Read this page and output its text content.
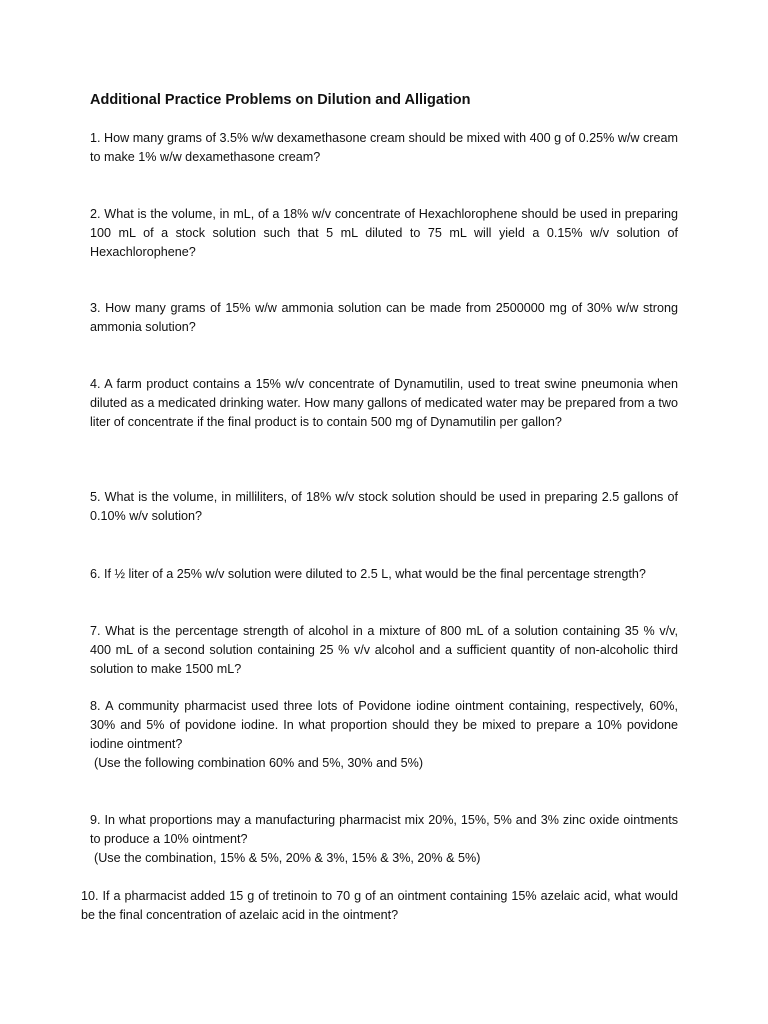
Additional Practice Problems on Dilution and Alligation

1. How many grams of 3.5% w/w dexamethasone cream should be mixed with 400 g of 0.25% w/w cream to make 1% w/w dexamethasone cream?

2. What is the volume, in mL, of a 18% w/v concentrate of Hexachlorophene should be used in preparing 100 mL of a stock solution such that 5 mL diluted to 75 mL will yield a 0.15% w/v solution of Hexachlorophene?

3. How many grams of 15% w/w ammonia solution can be made from 2500000 mg of 30% w/w strong ammonia solution?

4. A farm product contains a 15% w/v concentrate of Dynamutilin, used to treat swine pneumonia when diluted as a medicated drinking water. How many gallons of medicated water may be prepared from a two liter of concentrate if the final product is to contain 500 mg of Dynamutilin per gallon?

5. What is the volume, in milliliters, of 18% w/v stock solution should be used in preparing 2.5 gallons of 0.10% w/v solution?

6. If ½ liter of a 25% w/v solution were diluted to 2.5 L, what would be the final percentage strength?

7. What is the percentage strength of alcohol in a mixture of 800 mL of a solution containing 35 % v/v, 400 mL of a second solution containing 25 % v/v alcohol and a sufficient quantity of non-alcoholic third solution to make 1500 mL?

8. A community pharmacist used three lots of Povidone iodine ointment containing, respectively, 60%, 30% and 5% of povidone iodine. In what proportion should they be mixed to prepare a 10% povidone iodine ointment?
(Use the following combination 60% and 5%, 30% and 5%)
9. In what proportions may a manufacturing pharmacist mix 20%, 15%, 5% and 3% zinc oxide ointments to produce a 10% ointment?
(Use the combination, 15% & 5%, 20% & 3%, 15% & 3%, 20% & 5%)

10. If a pharmacist added 15 g of tretinoin to 70 g of an ointment containing 15% azelaic acid, what would be the final concentration of azelaic acid in the ointment?
